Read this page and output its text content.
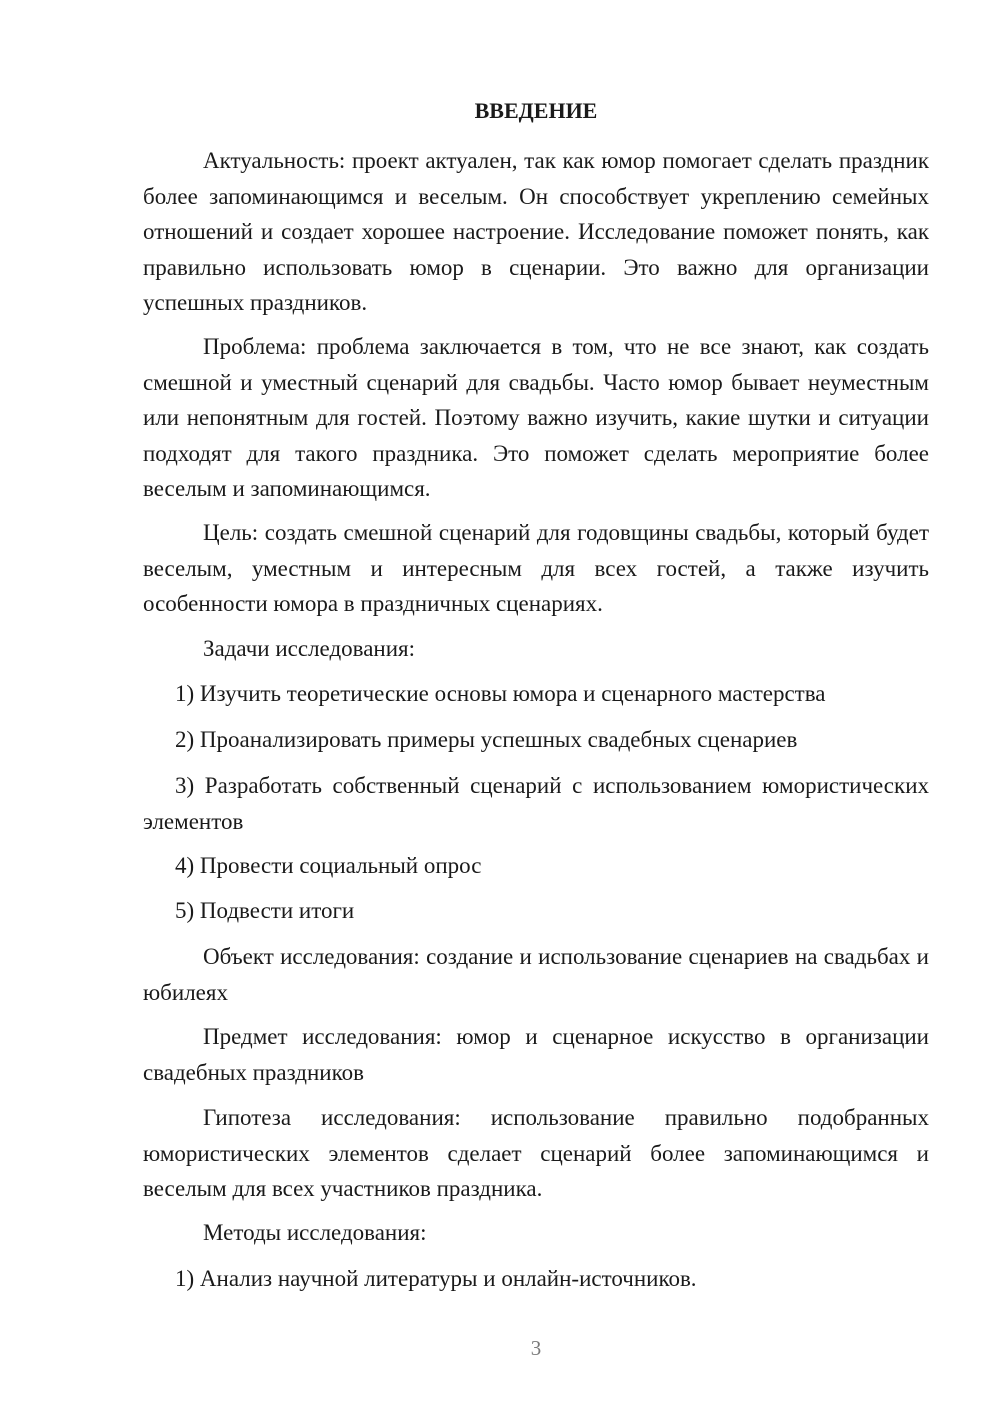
ВВЕДЕНИЕ

Актуальность: проект актуален, так как юмор помогает сделать праздник более запоминающимся и веселым. Он способствует укреплению семейных отношений и создает хорошее настроение. Исследование поможет понять, как правильно использовать юмор в сценарии. Это важно для организации успешных праздников.

Проблема: проблема заключается в том, что не все знают, как создать смешной и уместный сценарий для свадьбы. Часто юмор бывает неуместным или непонятным для гостей. Поэтому важно изучить, какие шутки и ситуации подходят для такого праздника. Это поможет сделать мероприятие более веселым и запоминающимся.

Цель: создать смешной сценарий для годовщины свадьбы, который будет веселым, уместным и интересным для всех гостей, а также изучить особенности юмора в праздничных сценариях.

Задачи исследования:

1) Изучить теоретические основы юмора и сценарного мастерства

2) Проанализировать примеры успешных свадебных сценариев

3) Разработать собственный сценарий с использованием юмористических элементов

4) Провести социальный опрос

5) Подвести итоги

Объект исследования: создание и использование сценариев на свадьбах и юбилеях

Предмет исследования: юмор и сценарное искусство в организации свадебных праздников

Гипотеза исследования: использование правильно подобранных юмористических элементов сделает сценарий более запоминающимся и веселым для всех участников праздника.

Методы исследования:

1) Анализ научной литературы и онлайн-источников.

3
